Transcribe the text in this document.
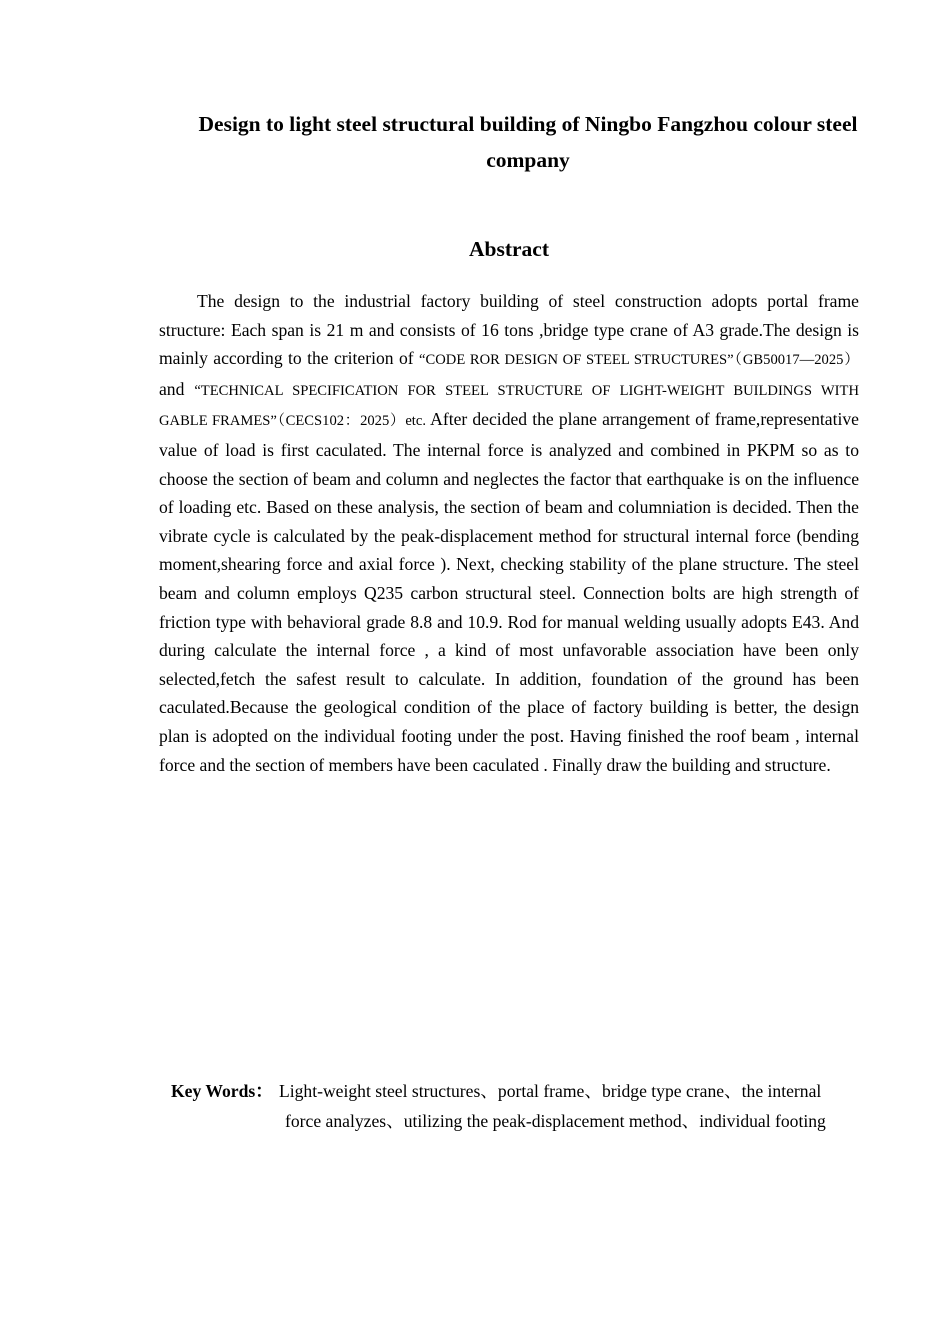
Design to light steel structural building of Ningbo Fangzhou colour steel company
Abstract

The design to the industrial factory building of steel construction adopts portal frame structure: Each span is 21 m and consists of 16 tons ,bridge type crane of A3 grade.The design is mainly according to the criterion of “CODE ROR DESIGN OF STEEL STRUCTURES”（GB50017—2025） and “TECHNICAL SPECIFICATION FOR STEEL STRUCTURE OF LIGHT-WEIGHT BUILDINGS WITH GABLE FRAMES”（CECS102：2025）etc. After decided the plane arrangement of frame,representative value of load is first caculated. The internal force is analyzed and combined in PKPM so as to choose the section of beam and column and neglectes the factor that earthquake is on the influence of loading etc. Based on these analysis, the section of beam and columniation is decided. Then the vibrate cycle is calculated by the peak-displacement method for structural internal force (bending moment,shearing force and axial force ). Next, checking stability of the plane structure. The steel beam and column employs Q235 carbon structural steel. Connection bolts are high strength of friction type with behavioral grade 8.8 and 10.9. Rod for manual welding usually adopts E43. And during calculate the internal force , a kind of most unfavorable association have been only selected,fetch the safest result to calculate. In addition, foundation of the ground has been caculated.Because the geological condition of the place of factory building is better, the design plan is adopted on the individual footing under the post. Having finished the roof beam , internal force and the section of members have been caculated . Finally draw the building and structure.

Key Words： Light-weight steel structures、portal frame、bridge type crane、the internal
force analyzes、utilizing the peak-displacement method、individual footing
